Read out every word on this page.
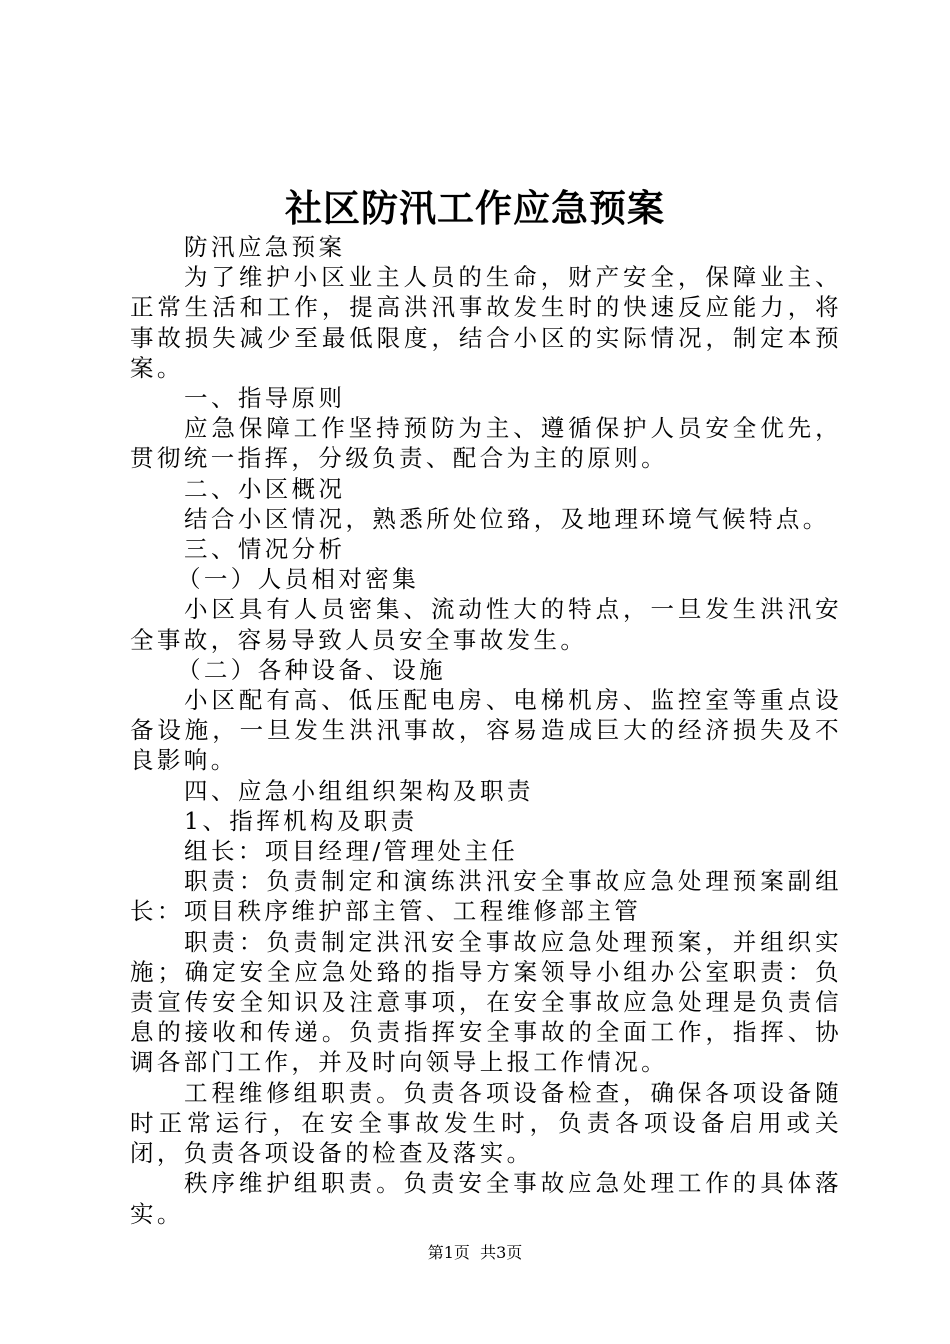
社区防汛工作应急预案

防汛应急预案

为了维护小区业主人员的生命，财产安全，保障业主、正常生活和工作，提高洪汛事故发生时的快速反应能力，将事故损失减少至最低限度，结合小区的实际情况，制定本预案。

一、指导原则

应急保障工作坚持预防为主、遵循保护人员安全优先，贯彻统一指挥，分级负责、配合为主的原则。

二、小区概况

结合小区情况，熟悉所处位臵，及地理环境气候特点。

三、情况分析

（一）人员相对密集

小区具有人员密集、流动性大的特点，一旦发生洪汛安全事故，容易导致人员安全事故发生。

（二）各种设备、设施

小区配有高、低压配电房、电梯机房、监控室等重点设备设施，一旦发生洪汛事故，容易造成巨大的经济损失及不良影响。

四、应急小组组织架构及职责

1、指挥机构及职责

组长：项目经理/管理处主任

职责：负责制定和演练洪汛安全事故应急处理预案副组长：项目秩序维护部主管、工程维修部主管

职责：负责制定洪汛安全事故应急处理预案，并组织实施；确定安全应急处臵的指导方案领导小组办公室职责：负责宣传安全知识及注意事项，在安全事故应急处理是负责信息的接收和传递。负责指挥安全事故的全面工作，指挥、协调各部门工作，并及时向领导上报工作情况。

工程维修组职责。负责各项设备检查，确保各项设备随时正常运行，在安全事故发生时，负责各项设备启用或关闭，负责各项设备的检查及落实。

秩序维护组职责。负责安全事故应急处理工作的具体落实。

第1页 共3页
